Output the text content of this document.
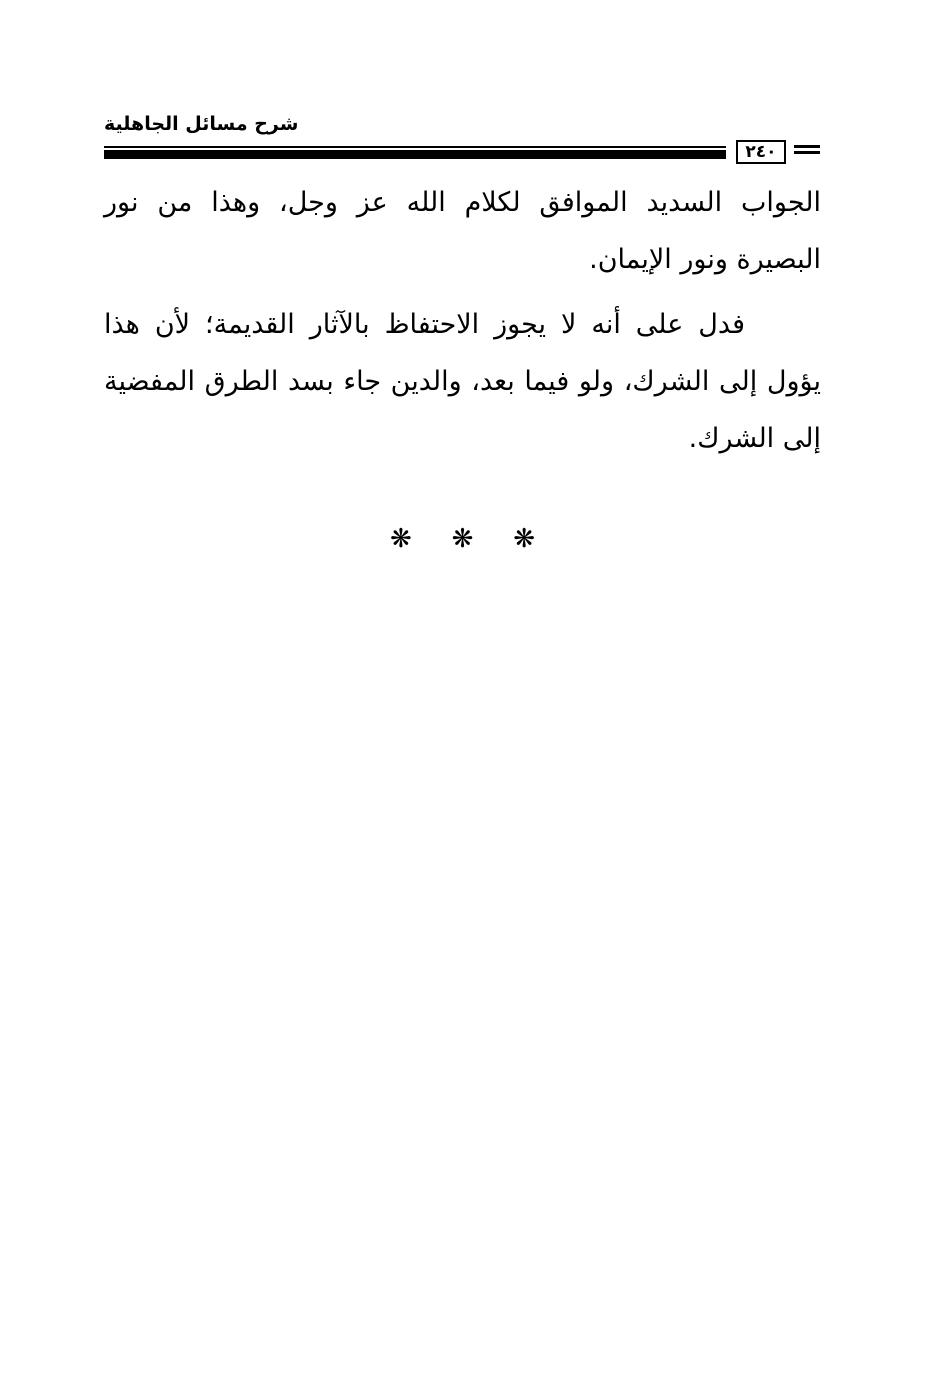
شرح مسائل الجاهلية
٢٤٠

الجواب السديد الموافق لكلام الله عز وجل، وهذا من نور البصيرة ونور الإيمان.

فدل على أنه لا يجوز الاحتفاظ بالآثار القديمة؛ لأن هذا يؤول إلى الشرك، ولو فيما بعد، والدين جاء بسد الطرق المفضية إلى الشرك.

❋ ❋ ❋
